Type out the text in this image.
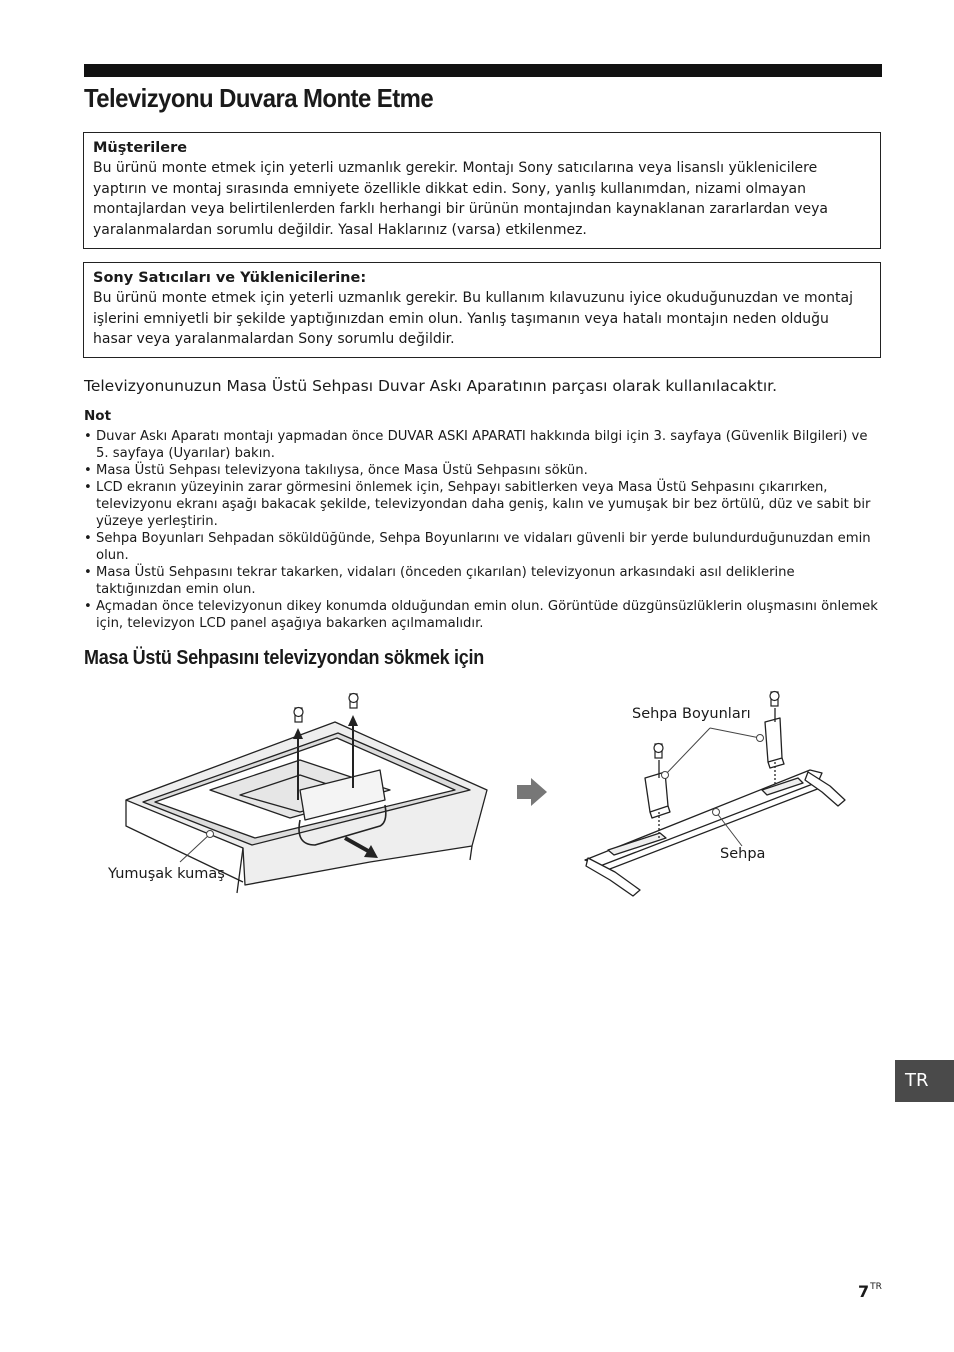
Televizyonu Duvara Monte Etme
Müşterilere
Bu ürünü monte etmek için yeterli uzmanlık gerekir. Montajı Sony satıcılarına veya lisanslı yüklenicilere yaptırın ve montaj sırasında emniyete özellikle dikkat edin. Sony, yanlış kullanımdan, nizami olmayan montajlardan veya belirtilenlerden farklı herhangi bir ürünün montajından kaynaklanan zararlardan veya yaralanmalardan sorumlu değildir. Yasal Haklarınız (varsa) etkilenmez.
Sony Satıcıları ve Yüklenicilerine:
Bu ürünü monte etmek için yeterli uzmanlık gerekir. Bu kullanım kılavuzunu iyice okuduğunuzdan ve montaj işlerini emniyetli bir şekilde yaptığınızdan emin olun. Yanlış taşımanın veya hatalı montajın neden olduğu hasar veya yaralanmalardan Sony sorumlu değildir.
Televizyonunuzun Masa Üstü Sehpası Duvar Askı Aparatının parçası olarak kullanılacaktır.
Not
• Duvar Askı Aparatı montajı yapmadan önce DUVAR ASKI APARATI hakkında bilgi için 3. sayfaya (Güvenlik Bilgileri) ve 5. sayfaya (Uyarılar) bakın.
• Masa Üstü Sehpası televizyona takılıysa, önce Masa Üstü Sehpasını sökün.
• LCD ekranın yüzeyinin zarar görmesini önlemek için, Sehpayı sabitlerken veya Masa Üstü Sehpasını çıkarırken, televizyonu ekranı aşağı bakacak şekilde, televizyondan daha geniş, kalın ve yumuşak bir bez örtülü, düz ve sabit bir yüzeye yerleştirin.
• Sehpa Boyunları Sehpadan söküldüğünde, Sehpa Boyunlarını ve vidaları güvenli bir yerde bulundurduğunuzdan emin olun.
• Masa Üstü Sehpasını tekrar takarken, vidaları (önceden çıkarılan) televizyonun arkasındaki asıl deliklerine taktığınızdan emin olun.
• Açmadan önce televizyonun dikey konumda olduğundan emin olun. Görüntüde düzgünsüzlüklerin oluşmasını önlemek için, televizyon LCD panel aşağıya bakarken açılmamalıdır.
Masa Üstü Sehpasını televizyondan sökmek için
Yumuşak kumaş
Sehpa Boyunları
Sehpa
TR
$7^{TR}$
